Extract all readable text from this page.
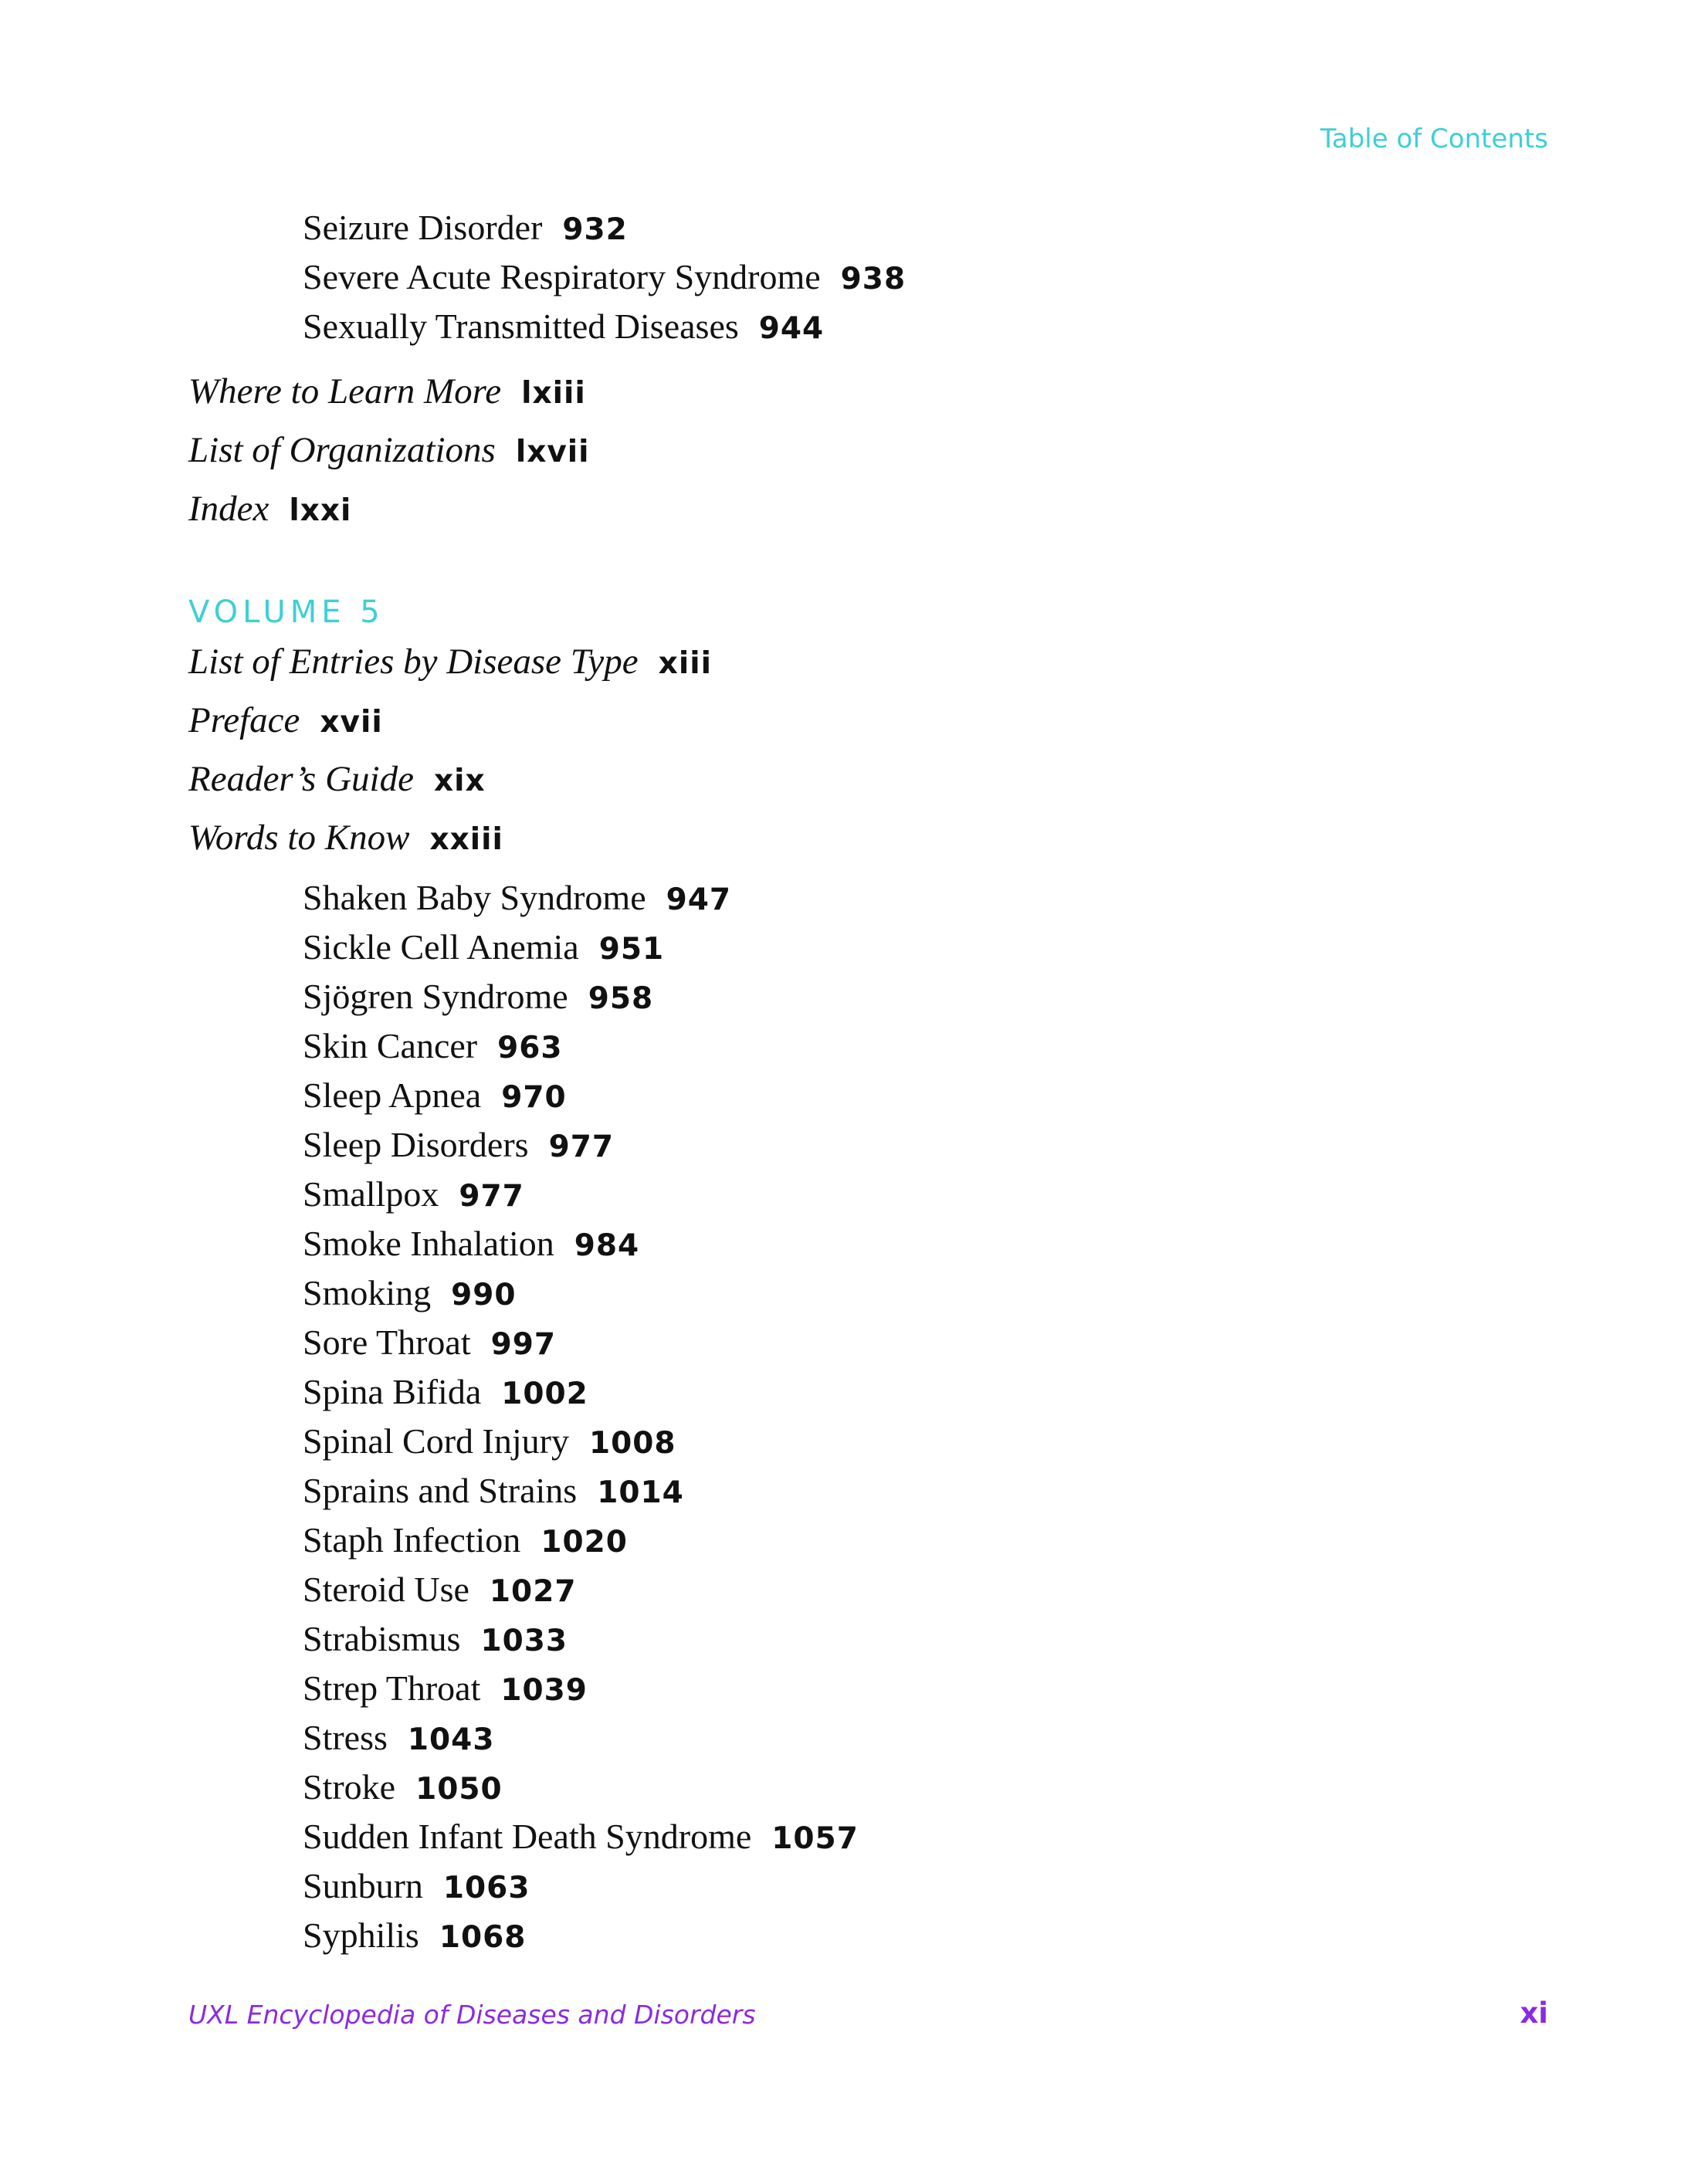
Table of Contents
Seizure Disorder 932
Severe Acute Respiratory Syndrome 938
Sexually Transmitted Diseases 944
Where to Learn More lxiii
List of Organizations lxvii
Index lxxi
VOLUME 5
List of Entries by Disease Type xiii
Preface xvii
Reader’s Guide xix
Words to Know xxiii
Shaken Baby Syndrome 947
Sickle Cell Anemia 951
Sjögren Syndrome 958
Skin Cancer 963
Sleep Apnea 970
Sleep Disorders 977
Smallpox 977
Smoke Inhalation 984
Smoking 990
Sore Throat 997
Spina Bifida 1002
Spinal Cord Injury 1008
Sprains and Strains 1014
Staph Infection 1020
Steroid Use 1027
Strabismus 1033
Strep Throat 1039
Stress 1043
Stroke 1050
Sudden Infant Death Syndrome 1057
Sunburn 1063
Syphilis 1068
UXL Encyclopedia of Diseases and Disorders	xi
